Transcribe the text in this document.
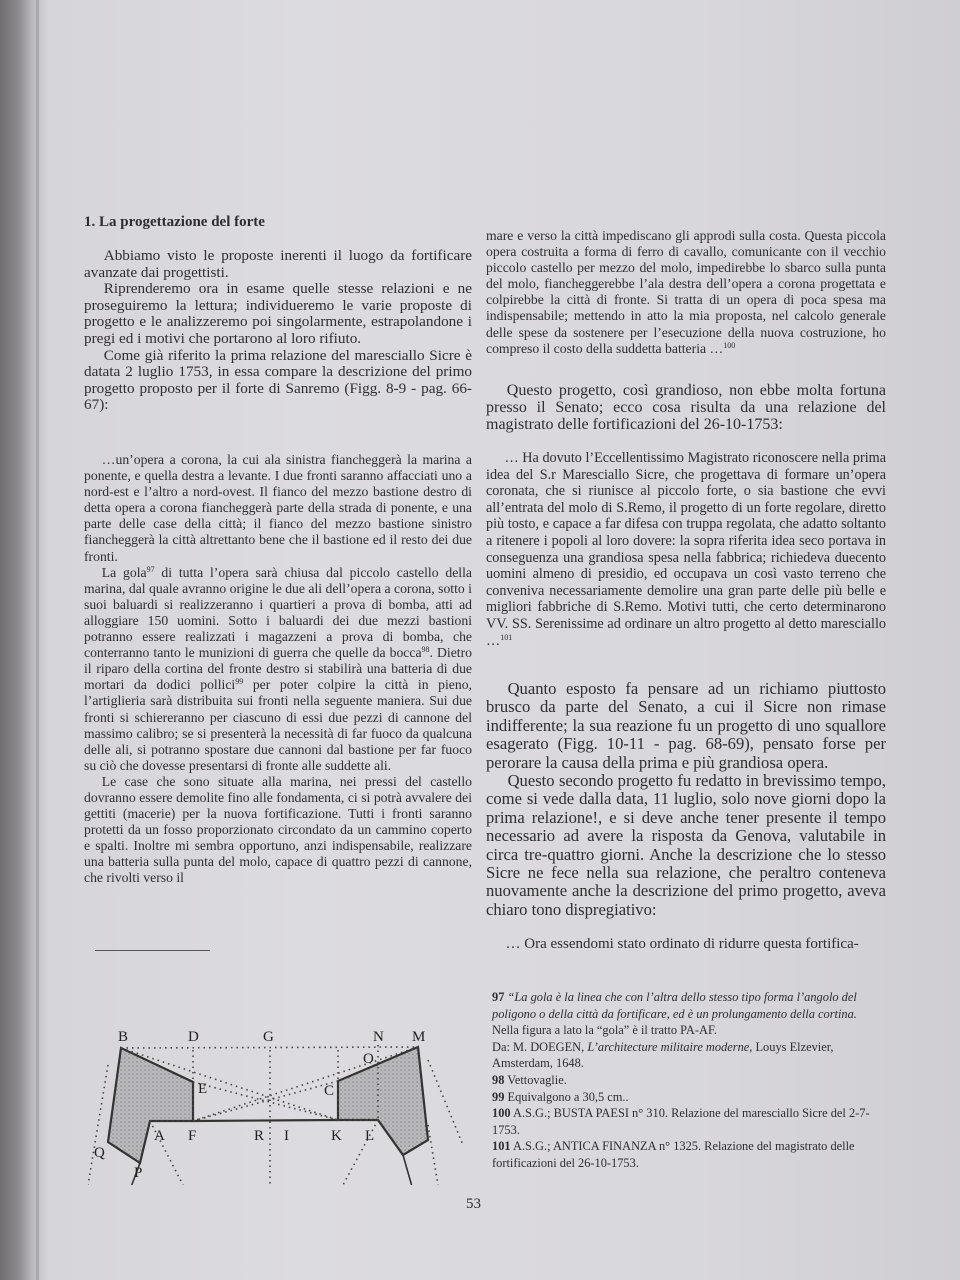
1. La progettazione del forte

Abbiamo visto le proposte inerenti il luogo da fortificare avanzate dai progettisti.

Riprenderemo ora in esame quelle stesse relazioni e ne proseguiremo la lettura; individueremo le varie proposte di progetto e le analizzeremo poi singolarmente, estrapolandone i pregi ed i motivi che portarono al loro rifiuto.

Come già riferito la prima relazione del maresciallo Sicre è datata 2 luglio 1753, in essa compare la descrizione del primo progetto proposto per il forte di Sanremo (Figg. 8-9 - pag. 66-67):

…un’opera a corona, la cui ala sinistra fiancheggerà la marina a ponente, e quella destra a levante. I due fronti saranno affacciati uno a nord-est e l’altro a nord-ovest. Il fianco del mezzo bastione destro di detta opera a corona fiancheggerà parte della strada di ponente, e una parte delle case della città; il fianco del mezzo bastione sinistro fiancheggerà la città altrettanto bene che il bastione ed il resto dei due fronti.

La gola$^{97}$ di tutta l’opera sarà chiusa dal piccolo castello della marina, dal quale avranno origine le due ali dell’opera a corona, sotto i suoi baluardi si realizzeranno i quartieri a prova di bomba, atti ad alloggiare 150 uomini. Sotto i baluardi dei due mezzi bastioni potranno essere realizzati i magazzeni a prova di bomba, che conterranno tanto le munizioni di guerra che quelle da bocca$^{98}$. Dietro il riparo della cortina del fronte destro si stabilirà una batteria di due mortari da dodici pollici$^{99}$ per poter colpire la città in pieno, l’artiglieria sarà distribuita sui fronti nella seguente maniera. Sui due fronti si schiereranno per ciascuno di essi due pezzi di cannone del massimo calibro; se si presenterà la necessità di far fuoco da qualcuna delle ali, si potranno spostare due cannoni dal bastione per far fuoco su ciò che dovesse presentarsi di fronte alle suddette ali.

Le case che sono situate alla marina, nei pressi del castello dovranno essere demolite fino alle fondamenta, ci si potrà avvalere dei gettiti (macerie) per la nuova fortificazione. Tutti i fronti saranno protetti da un fosso proporzionato circondato da un cammino coperto e spalti. Inoltre mi sembra opportuno, anzi indispensabile, realizzare una batteria sulla punta del molo, capace di quattro pezzi di cannone, che rivolti verso il

mare e verso la città impediscano gli approdi sulla costa. Questa piccola opera costruita a forma di ferro di cavallo, comunicante con il vecchio piccolo castello per mezzo del molo, impedirebbe lo sbarco sulla punta del molo, fiancheggerebbe l’ala destra dell’opera a corona progettata e colpirebbe la città di fronte. Si tratta di un opera di poca spesa ma indispensabile; mettendo in atto la mia proposta, nel calcolo generale delle spese da sostenere per l’esecuzione della nuova costruzione, ho compreso il costo della suddetta batteria …$^{100}$

Questo progetto, così grandioso, non ebbe molta fortuna presso il Senato; ecco cosa risulta da una relazione del magistrato delle fortificazioni del 26-10-1753:

… Ha dovuto l’Eccellentissimo Magistrato riconoscere nella prima idea del S.r Maresciallo Sicre, che progettava di formare un’opera coronata, che si riunisce al piccolo forte, o sia bastione che evvi all’entrata del molo di S.Remo, il progetto di un forte regolare, diretto più tosto, e capace a far difesa con truppa regolata, che adatto soltanto a ritenere i popoli al loro dovere: la sopra riferita idea seco portava in conseguenza una grandiosa spesa nella fabbrica; richiedeva duecento uomini almeno di presidio, ed occupava un così vasto terreno che conveniva necessariamente demolire una gran parte delle più belle e migliori fabbriche di S.Remo. Motivi tutti, che certo determinarono VV. SS. Serenissime ad ordinare un altro progetto al detto maresciallo …$^{101}$

Quanto esposto fa pensare ad un richiamo piuttosto brusco da parte del Senato, a cui il Sicre non rimase indifferente; la sua reazione fu un progetto di uno squallore esagerato (Figg. 10-11 - pag. 68-69), pensato forse per perorare la causa della prima e più grandiosa opera.

Questo secondo progetto fu redatto in brevissimo tempo, come si vede dalla data, 11 luglio, solo nove giorni dopo la prima relazione!, e si deve anche tener presente il tempo necessario ad avere la risposta da Genova, valutabile in circa tre-quattro giorni. Anche la descrizione che lo stesso Sicre ne fece nella sua relazione, che peraltro conteneva nuovamente anche la descrizione del primo progetto, aveva chiaro tono dispregiativo:

… Ora essendomi stato ordinato di ridurre questa fortifica-

B	D	G	N M
O
E	C
A F	R I	K L
Q
P
97 “La gola è la linea che con l’altra dello stesso tipo forma l’angolo del poligono o della città da fortificare, ed è un prolungamento della cortina.
Nella figura a lato la “gola” è il tratto PA-AF.
Da: M. DOEGEN, L’architecture militaire moderne, Louys Elzevier, Amsterdam, 1648.
98 Vettovaglie.
99 Equivalgono a 30,5 cm..
100 A.S.G.; BUSTA PAESI n° 310. Relazione del maresciallo Sicre del 2-7-1753.
101 A.S.G.; ANTICA FINANZA n° 1325. Relazione del magistrato delle fortificazioni del 26-10-1753.
53
